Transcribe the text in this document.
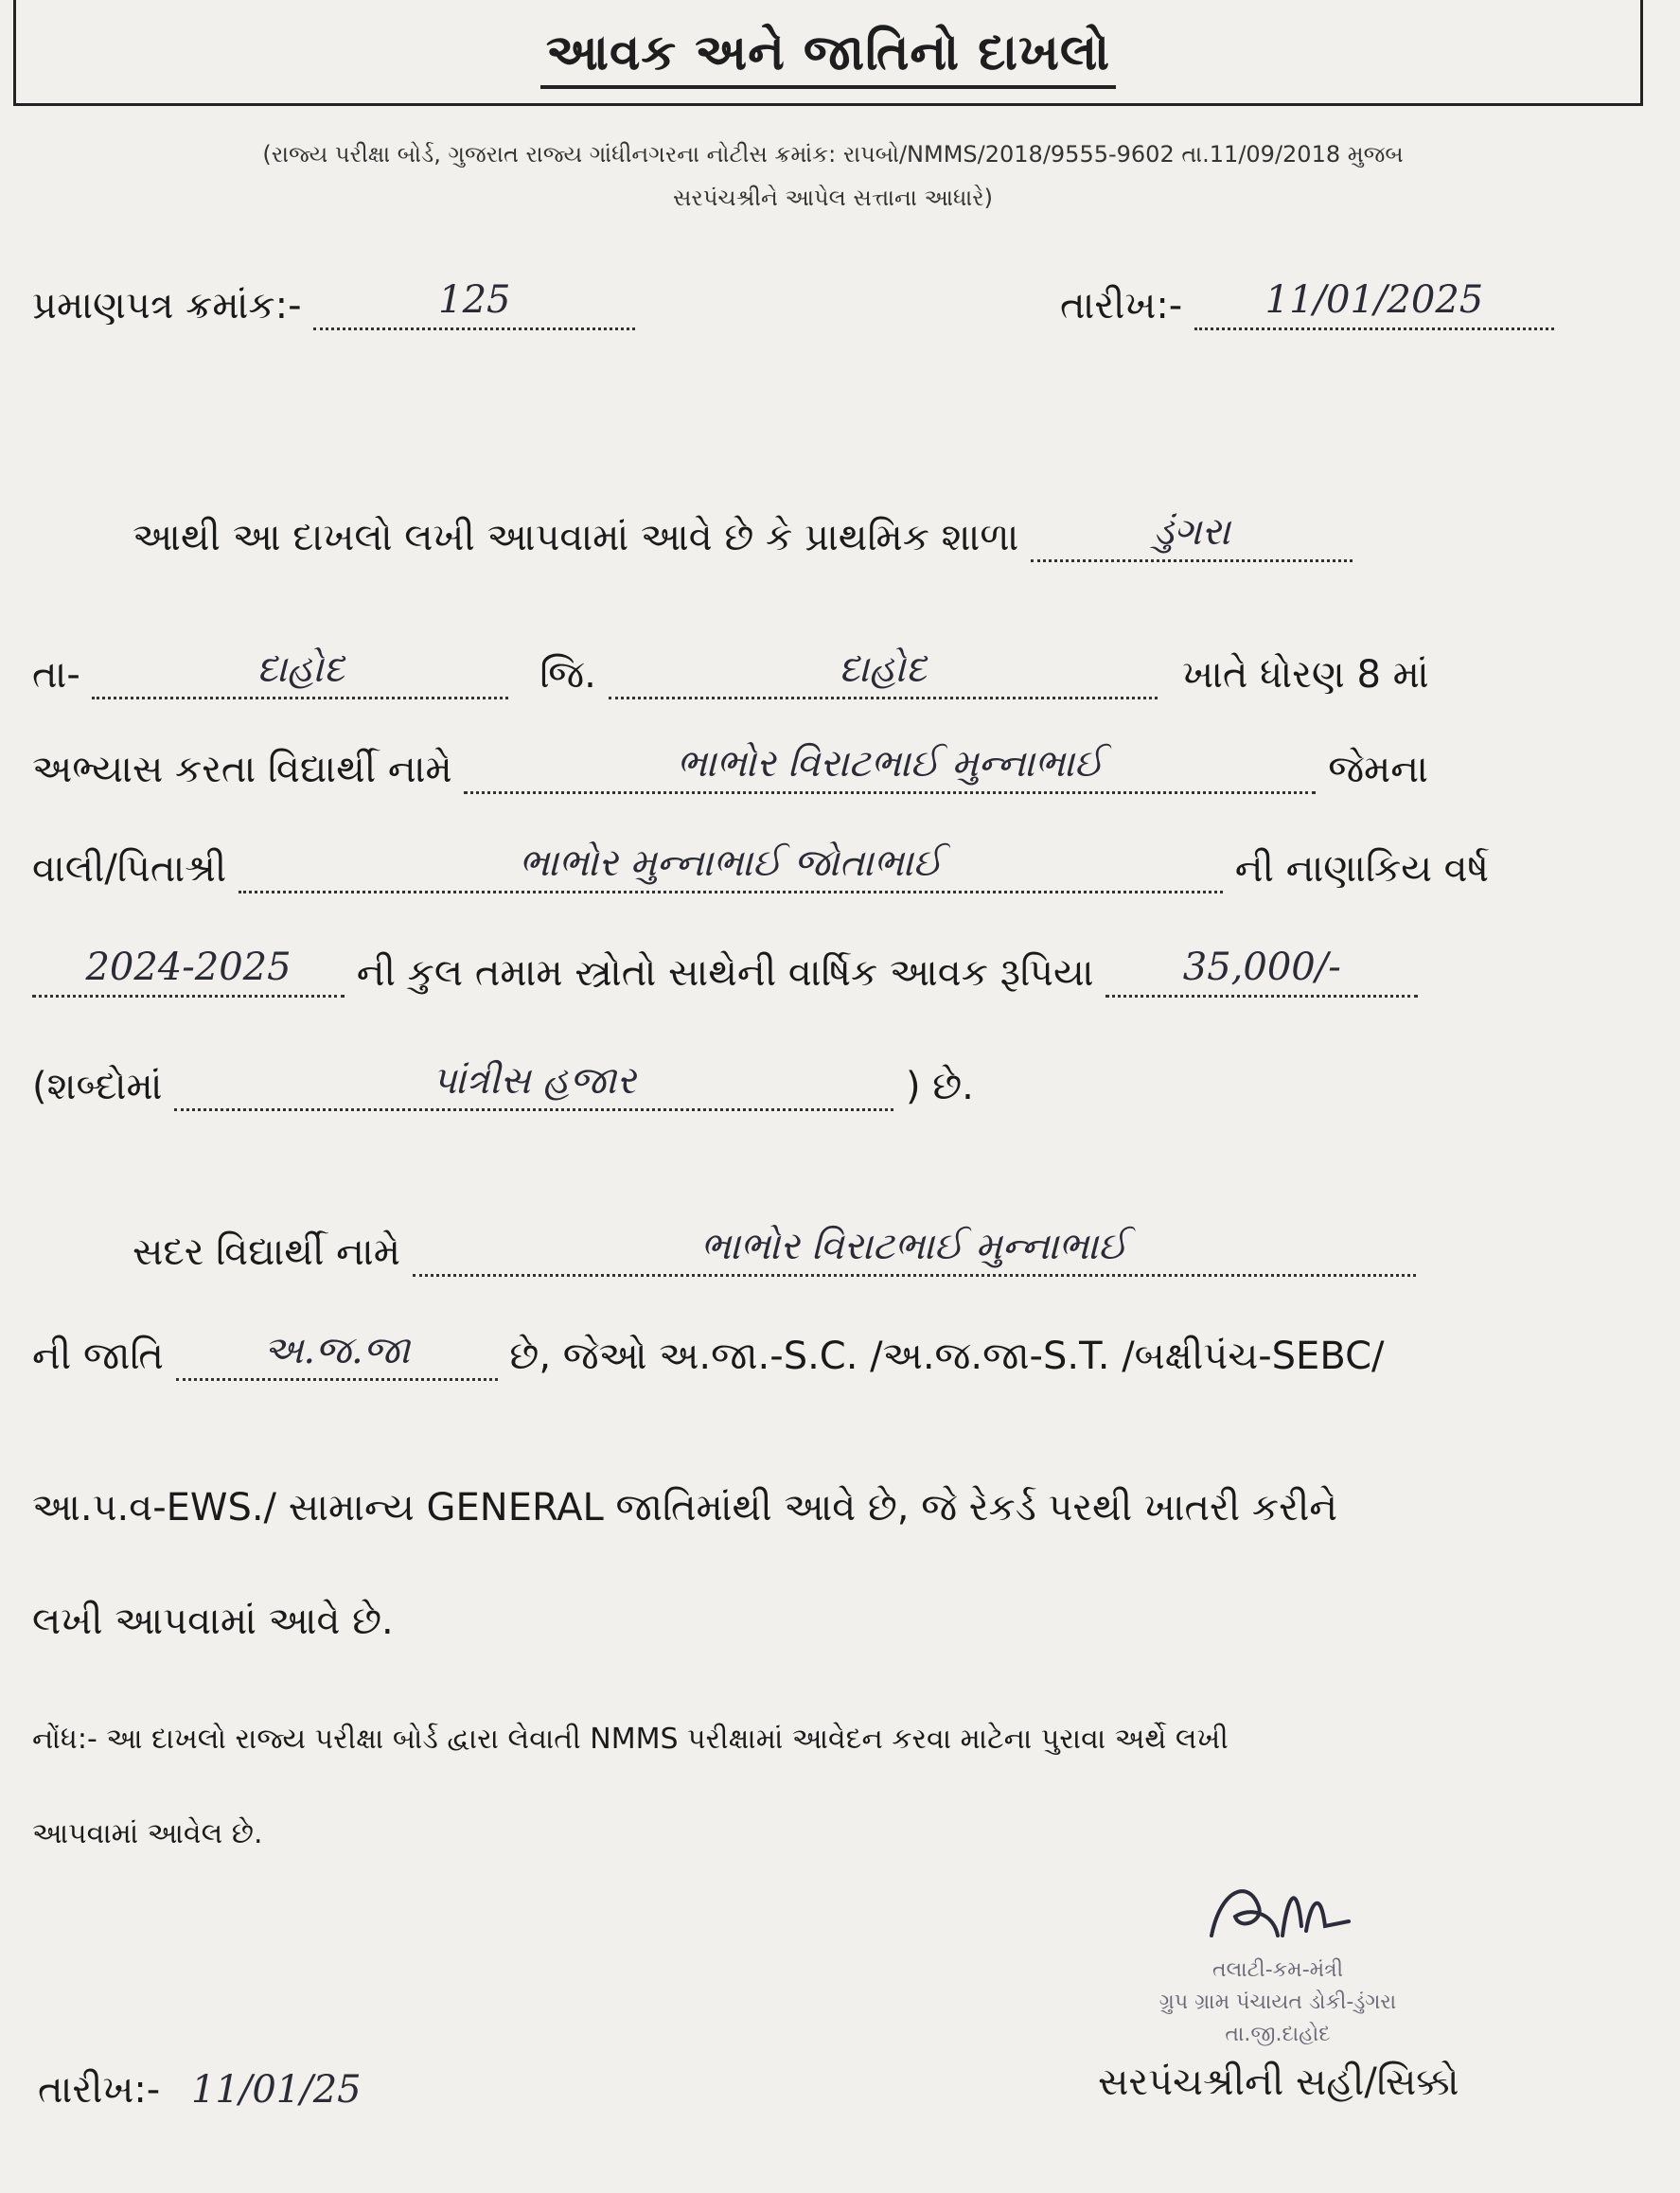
આવક અને જાતિનો દાખલો
(રાજ્ય પરીક્ષા બોર્ડ, ગુજરાત રાજ્ય ગાંધીનગરના નોટીસ ક્રમાંક: રાપબો/NMMS/2018/9555-9602 તા.11/09/2018 મુજબ
સરપંચશ્રીને આપેલ સત્તાના આધારે)
પ્રમાણપત્ર ક્રમાંક:-	125	તારીખ:- 11/01/2025
આથી આ દાખલો લખી આપવામાં આવે છે કે પ્રાથમિક શાળા	ડુંગરા
તા-	દાહોદ	જિ.	દાહોદ	ખાતે ધોરણ 8 માં
અભ્યાસ કરતા વિદ્યાર્થી નામે	ભાભોર વિરાટભાઈ મુન્નાભાઈ	જેમના
વાલી/પિતાશ્રી	ભાભોર મુન્નાભાઈ જોતાભાઈ	ની નાણાકિય વર્ષ
2024-2025 ની કુલ તમામ સ્ત્રોતો સાથેની વાર્ષિક આવક રૂપિયા 35,000/-
(શબ્દોમાં	પાંત્રીસ હજાર	) છે.
સદર વિદ્યાર્થી નામે	ભાભોર વિરાટભાઈ મુન્નાભાઈ
ની જાતિ	અ.જ.જા	છે, જેઓ અ.જા.-S.C. /અ.જ.જા-S.T. /બક્ષીપંચ-SEBC/
આ.પ.વ-EWS./ સામાન્ય GENERAL જાતિમાંથી આવે છે, જે રેકર્ડ પરથી ખાતરી કરીને
લખી આપવામાં આવે છે.
નોંધ:- આ દાખલો રાજ્ય પરીક્ષા બોર્ડ દ્વારા લેવાતી NMMS પરીક્ષામાં આવેદન કરવા માટેના પુરાવા અર્થે લખી
આપવામાં આવેલ છે.
તારીખ:- 11/01/25
તલાટી-કમ-મંત્રી
ગ્રુપ ગ્રામ પંચાયત ડોકી-ડુંગરા
તા.જી.દાહોદ
સરપંચશ્રીની સહી/સિક્કો
